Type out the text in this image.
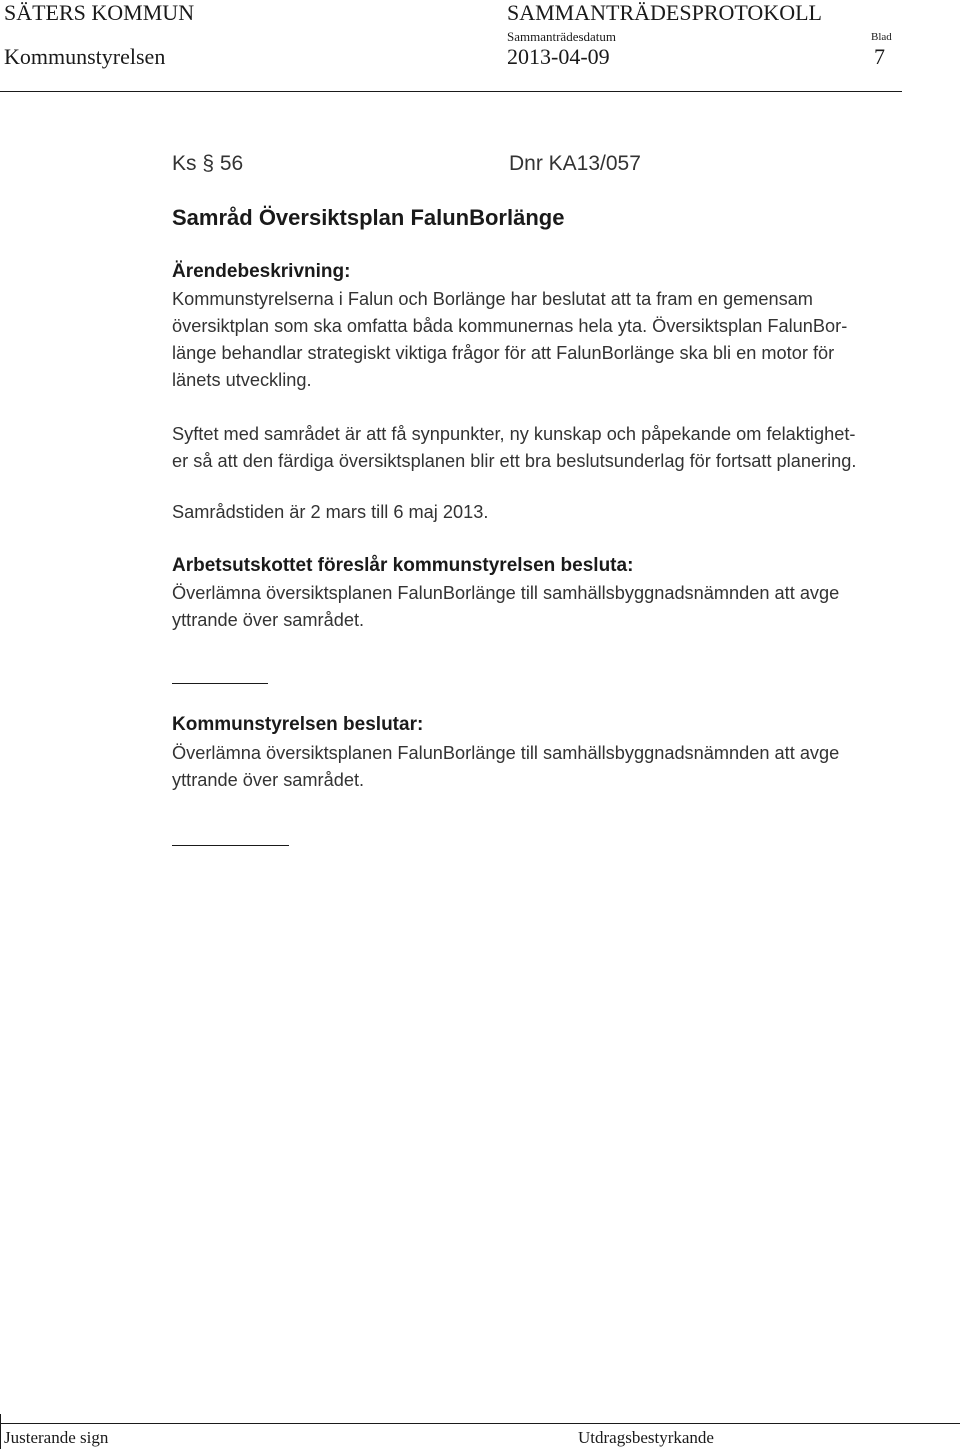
SÄTERS KOMMUN	SAMMANTRÄDESPROTOKOLL
Sammanträdesdatum	Blad
Kommunstyrelsen	2013-04-09	7
Ks § 56	Dnr KA13/057
Samråd Översiktsplan FalunBorlänge
Ärendebeskrivning:
Kommunstyrelserna i Falun och Borlänge har beslutat att ta fram en gemensam
översiktplan som ska omfatta båda kommunernas hela yta. Översiktsplan FalunBor-
länge behandlar strategiskt viktiga frågor för att FalunBorlänge ska bli en motor för
länets utveckling.
Syftet med samrådet är att få synpunkter, ny kunskap och påpekande om felaktighet-
er så att den färdiga översiktsplanen blir ett bra beslutsunderlag för fortsatt planering.
Samrådstiden är 2 mars till 6 maj 2013.
Arbetsutskottet föreslår kommunstyrelsen besluta:
Överlämna översiktsplanen FalunBorlänge till samhällsbyggnadsnämnden att avge
yttrande över samrådet.
Kommunstyrelsen beslutar:
Överlämna översiktsplanen FalunBorlänge till samhällsbyggnadsnämnden att avge
yttrande över samrådet.
Justerande sign	Utdragsbestyrkande
